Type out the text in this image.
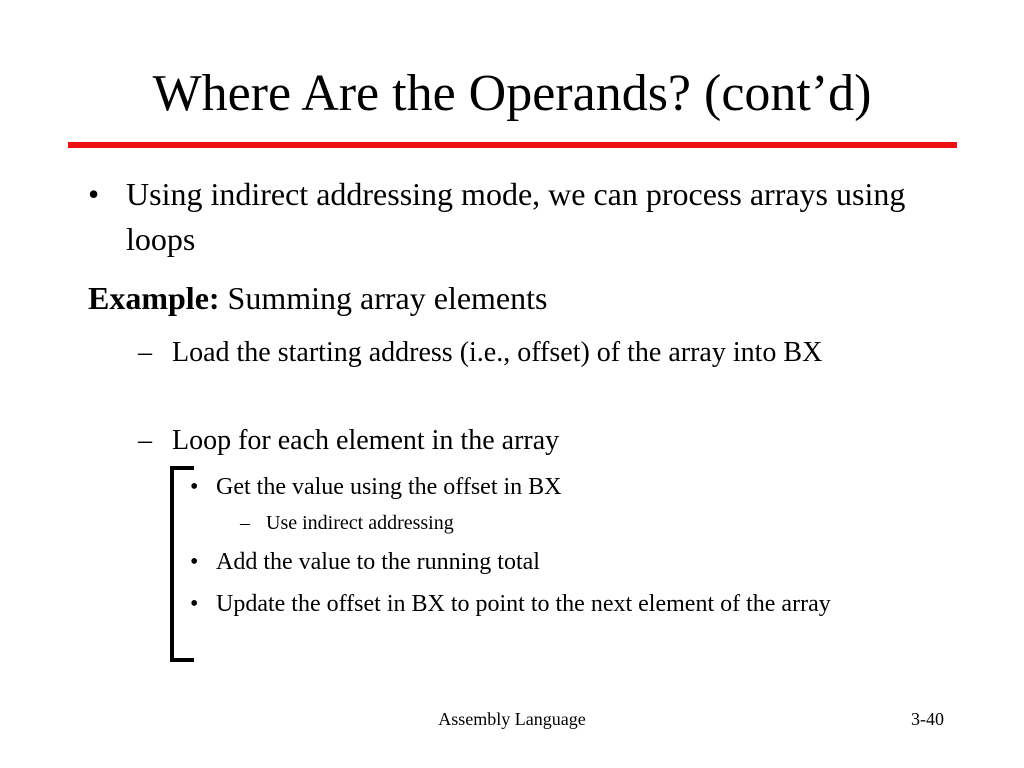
Where Are the Operands? (cont’d)
• Using indirect addressing mode, we can process arrays using loops
Example: Summing array elements
– Load the starting address (i.e., offset) of the array into BX
– Loop for each element in the array
• Get the value using the offset in BX
– Use indirect addressing
• Add the value to the running total
• Update the offset in BX to point to the next element of the array
Assembly Language	3-40
